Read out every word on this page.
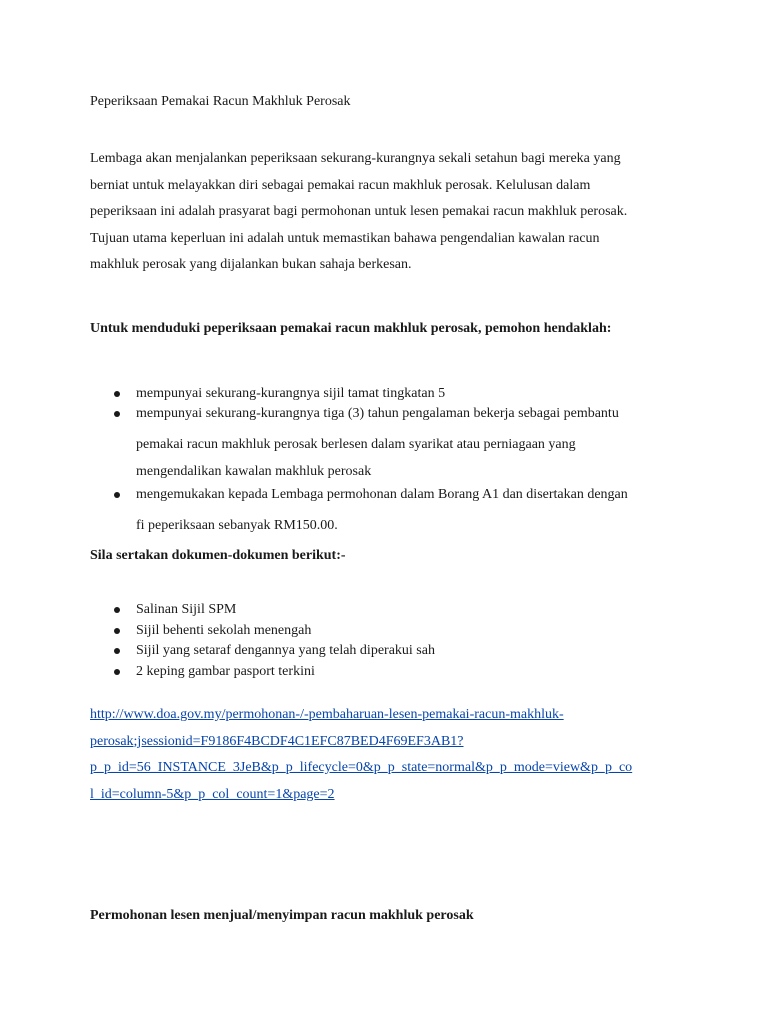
Peperiksaan Pemakai Racun Makhluk Perosak
Lembaga akan menjalankan peperiksaan sekurang-kurangnya sekali setahun bagi mereka yang
berniat untuk melayakkan diri sebagai pemakai racun makhluk perosak. Kelulusan dalam
peperiksaan ini adalah prasyarat bagi permohonan untuk lesen pemakai racun makhluk perosak.
Tujuan utama keperluan ini adalah untuk memastikan bahawa pengendalian kawalan racun
makhluk perosak yang dijalankan bukan sahaja berkesan.
Untuk menduduki peperiksaan pemakai racun makhluk perosak, pemohon hendaklah:
mempunyai sekurang-kurangnya sijil tamat tingkatan 5
mempunyai sekurang-kurangnya tiga (3) tahun pengalaman bekerja sebagai pembantu
pemakai racun makhluk perosak berlesen dalam syarikat atau perniagaan yang
mengendalikan kawalan makhluk perosak
mengemukakan kepada Lembaga permohonan dalam Borang A1 dan disertakan dengan
fi peperiksaan sebanyak RM150.00.
Sila sertakan dokumen-dokumen berikut:-
Salinan Sijil SPM
Sijil behenti sekolah menengah
Sijil yang setaraf dengannya yang telah diperakui sah
2 keping gambar pasport terkini
http://www.doa.gov.my/permohonan-/-pembaharuan-lesen-pemakai-racun-makhluk-
perosak;jsessionid=F9186F4BCDF4C1EFC87BED4F69EF3AB1?
p_p_id=56_INSTANCE_3JeB&p_p_lifecycle=0&p_p_state=normal&p_p_mode=view&p_p_co
l_id=column-5&p_p_col_count=1&page=2
Permohonan lesen menjual/menyimpan racun makhluk perosak
